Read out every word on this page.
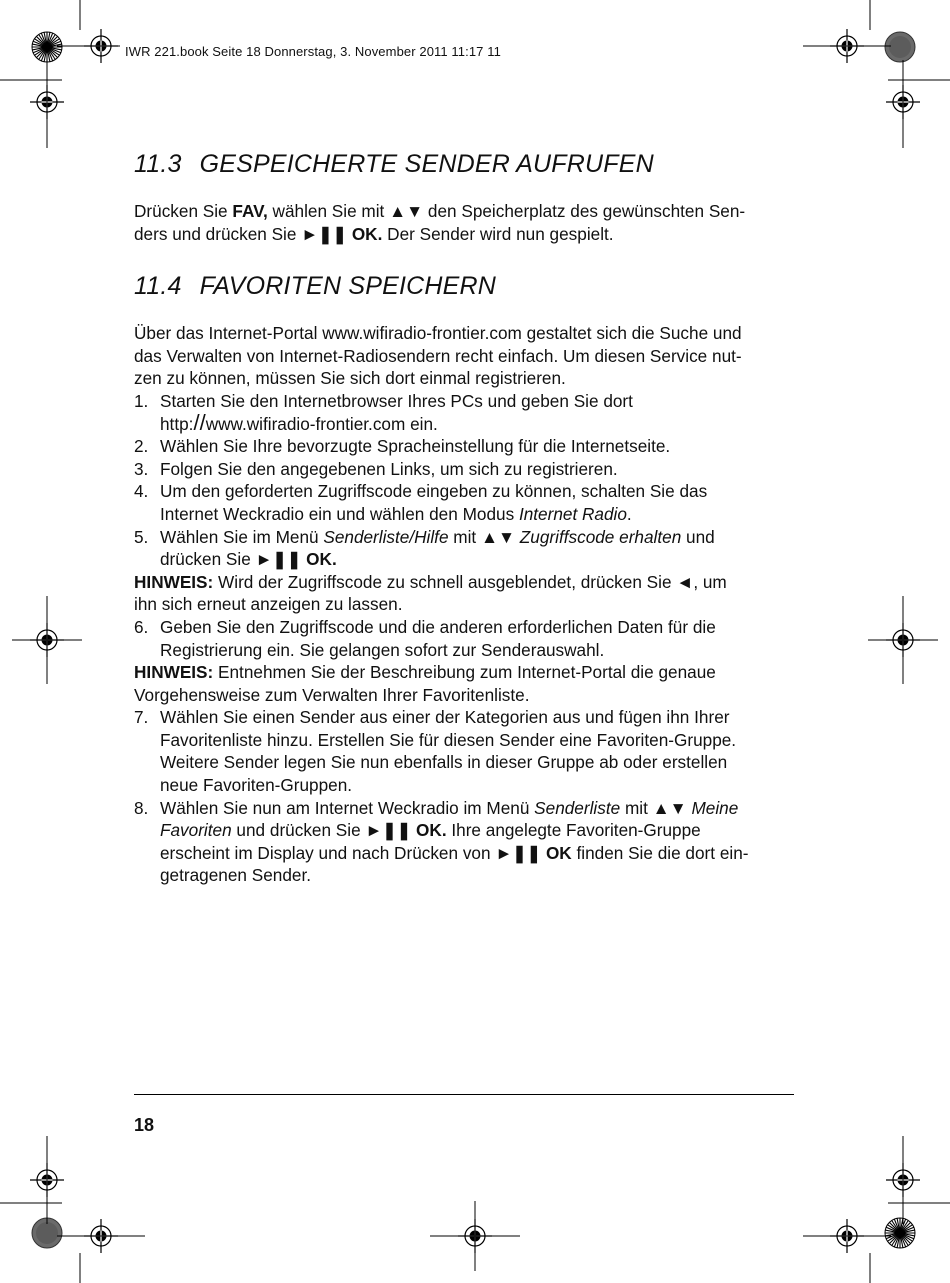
IWR 221.book Seite 18 Donnerstag, 3. November 2011 11:17 11
11.3 GESPEICHERTE SENDER AUFRUFEN

Drücken Sie FAV, wählen Sie mit ▲▼ den Speicherplatz des gewünschten Sen-
ders und drücken Sie ►❚❚ OK. Der Sender wird nun gespielt.

11.4 FAVORITEN SPEICHERN

Über das Internet-Portal www.wifiradio-frontier.com gestaltet sich die Suche und
das Verwalten von Internet-Radiosendern recht einfach. Um diesen Service nut-
zen zu können, müssen Sie sich dort einmal registrieren.

1. Starten Sie den Internetbrowser Ihres PCs und geben Sie dort
http://www.wifiradio-frontier.com ein.
2. Wählen Sie Ihre bevorzugte Spracheinstellung für die Internetseite.
3. Folgen Sie den angegebenen Links, um sich zu registrieren.
4. Um den geforderten Zugriffscode eingeben zu können, schalten Sie das
Internet Weckradio ein und wählen den Modus Internet Radio.
5. Wählen Sie im Menü Senderliste/Hilfe mit ▲▼ Zugriffscode erhalten und
drücken Sie ►❚❚ OK.

HINWEIS: Wird der Zugriffscode zu schnell ausgeblendet, drücken Sie ◄, um
ihn sich erneut anzeigen zu lassen.

6. Geben Sie den Zugriffscode und die anderen erforderlichen Daten für die
Registrierung ein. Sie gelangen sofort zur Senderauswahl.

HINWEIS: Entnehmen Sie der Beschreibung zum Internet-Portal die genaue
Vorgehensweise zum Verwalten Ihrer Favoritenliste.

7. Wählen Sie einen Sender aus einer der Kategorien aus und fügen ihn Ihrer
Favoritenliste hinzu. Erstellen Sie für diesen Sender eine Favoriten-Gruppe.
Weitere Sender legen Sie nun ebenfalls in dieser Gruppe ab oder erstellen
neue Favoriten-Gruppen.
8. Wählen Sie nun am Internet Weckradio im Menü Senderliste mit ▲▼ Meine
Favoriten und drücken Sie ►❚❚ OK. Ihre angelegte Favoriten-Gruppe
erscheint im Display und nach Drücken von ►❚❚ OK finden Sie die dort ein-
getragenen Sender.
18
